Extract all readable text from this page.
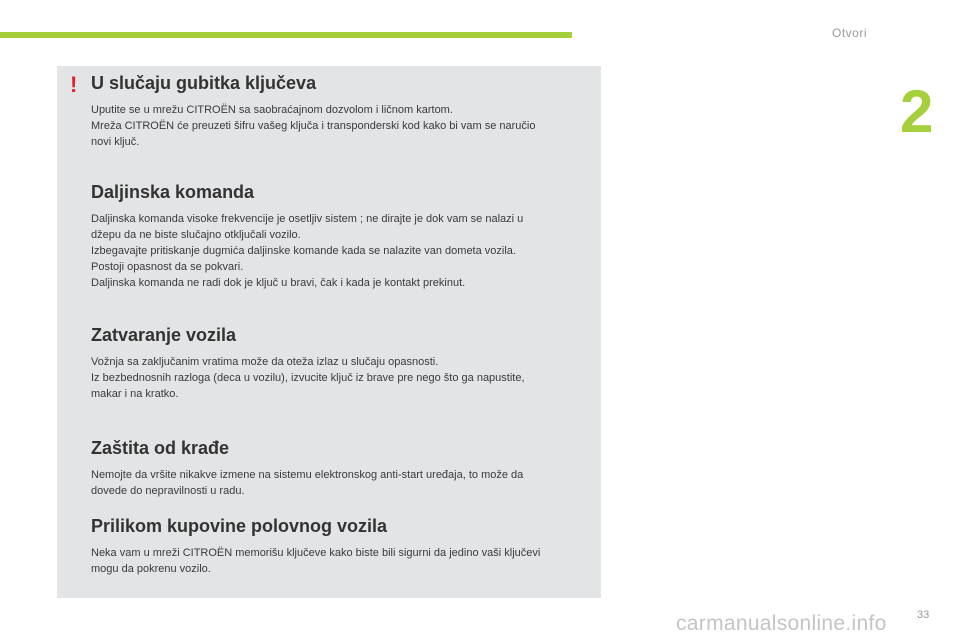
Otvori
2
! U slučaju gubitka ključeva

Uputite se u mrežu CITROËN sa saobraćajnom dozvolom i ličnom kartom.
Mreža CITROËN će preuzeti šifru vašeg ključa i transponderski kod kako bi vam se naručio
novi ključ.

Daljinska komanda

Daljinska komanda visoke frekvencije je osetljiv sistem ; ne dirajte je dok vam se nalazi u
džepu da ne biste slučajno otključali vozilo.
Izbegavajte pritiskanje dugmića daljinske komande kada se nalazite van dometa vozila.
Postoji opasnost da se pokvari.
Daljinska komanda ne radi dok je ključ u bravi, čak i kada je kontakt prekinut.

Zatvaranje vozila

Vožnja sa zaključanim vratima može da oteža izlaz u slučaju opasnosti.
Iz bezbednosnih razloga (deca u vozilu), izvucite ključ iz brave pre nego što ga napustite,
makar i na kratko.

Zaštita od krađe

Nemojte da vršite nikakve izmene na sistemu elektronskog anti-start uređaja, to može da
dovede do nepravilnosti u radu.

Prilikom kupovine polovnog vozila

Neka vam u mreži CITROËN memorišu ključeve kako biste bili sigurni da jedino vaši ključevi
mogu da pokrenu vozilo.

carmanualsonline.info	33
